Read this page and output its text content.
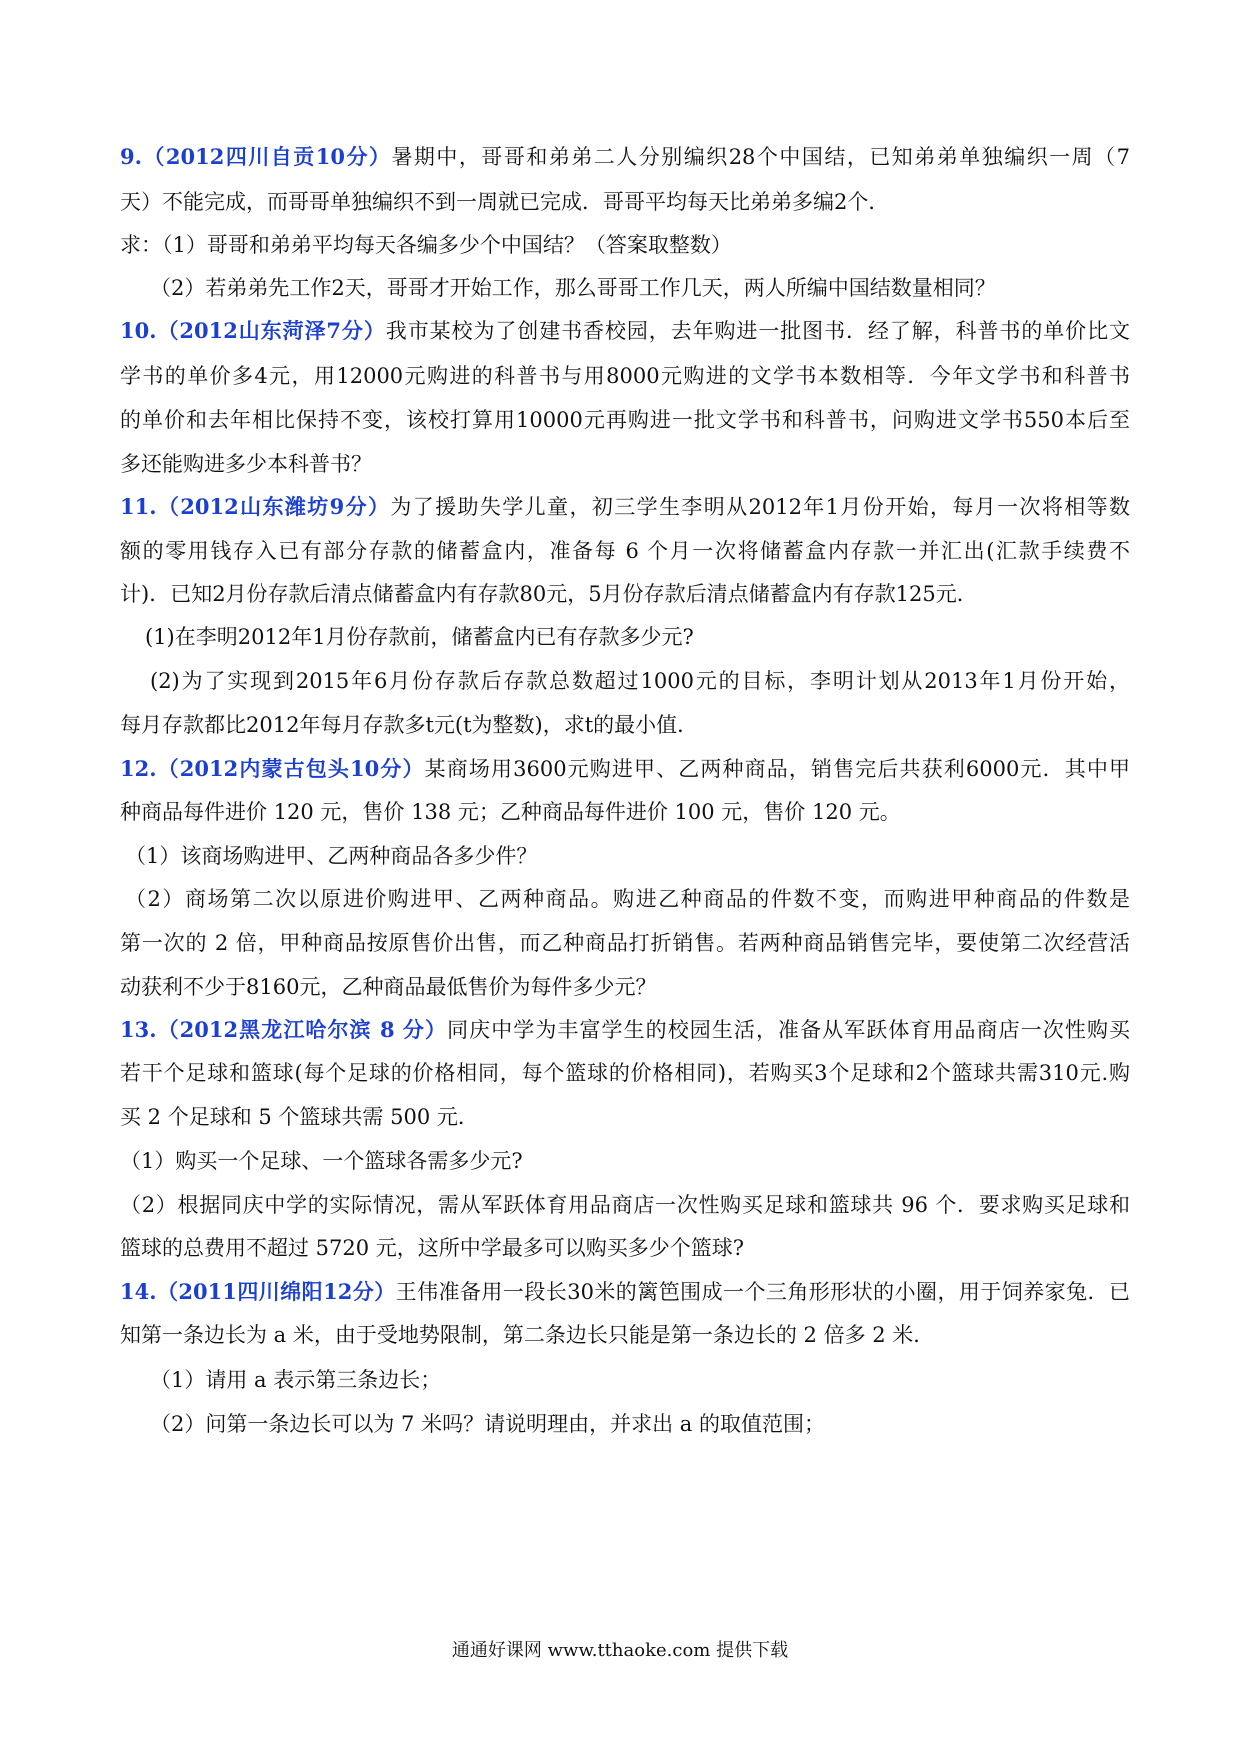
9.（2012四川自贡10分）暑期中，哥哥和弟弟二人分别编织28个中国结，已知弟弟单独编织一周（7
天）不能完成，而哥哥单独编织不到一周就已完成．哥哥平均每天比弟弟多编2个．
求：（1）哥哥和弟弟平均每天各编多少个中国结？（答案取整数）
（2）若弟弟先工作2天，哥哥才开始工作，那么哥哥工作几天，两人所编中国结数量相同？
10.（2012山东菏泽7分）我市某校为了创建书香校园，去年购进一批图书．经了解，科普书的单价比文
学书的单价多4元，用12000元购进的科普书与用8000元购进的文学书本数相等．今年文学书和科普书
的单价和去年相比保持不变，该校打算用10000元再购进一批文学书和科普书，问购进文学书550本后至
多还能购进多少本科普书？
11.（2012山东潍坊9分）为了援助失学儿童，初三学生李明从2012年1月份开始，每月一次将相等数
额的零用钱存入已有部分存款的储蓄盒内，准备每 6 个月一次将储蓄盒内存款一并汇出(汇款手续费不
计)．已知2月份存款后清点储蓄盒内有存款80元，5月份存款后清点储蓄盒内有存款125元．
(1)在李明2012年1月份存款前，储蓄盒内已有存款多少元?
(2)为了实现到2015年6月份存款后存款总数超过1000元的目标，李明计划从2013年1月份开始，
每月存款都比2012年每月存款多t元(t为整数)，求t的最小值．
12.（2012内蒙古包头10分）某商场用3600元购进甲、乙两种商品，销售完后共获利6000元．其中甲
种商品每件进价 120 元，售价 138 元；乙种商品每件进价 100 元，售价 120 元。
（1）该商场购进甲、乙两种商品各多少件？
（2）商场第二次以原进价购进甲、乙两种商品。购进乙种商品的件数不变，而购进甲种商品的件数是
第一次的 2 倍，甲种商品按原售价出售，而乙种商品打折销售。若两种商品销售完毕，要使第二次经营活
动获利不少于8160元，乙种商品最低售价为每件多少元？
13.（2012黑龙江哈尔滨 8 分）同庆中学为丰富学生的校园生活，准备从军跃体育用品商店一次性购买
若干个足球和篮球(每个足球的价格相同，每个篮球的价格相同)，若购买3个足球和2个篮球共需310元.购
买 2 个足球和 5 个篮球共需 500 元．
（1）购买一个足球、一个篮球各需多少元?
（2）根据同庆中学的实际情况，需从军跃体育用品商店一次性购买足球和篮球共 96 个．要求购买足球和
篮球的总费用不超过 5720 元，这所中学最多可以购买多少个篮球?
14.（2011四川绵阳12分）王伟准备用一段长30米的篱笆围成一个三角形形状的小圈，用于饲养家兔．已
知第一条边长为 a 米，由于受地势限制，第二条边长只能是第一条边长的 2 倍多 2 米．
（1）请用 a 表示第三条边长；
（2）问第一条边长可以为 7 米吗？请说明理由，并求出 a 的取值范围；
通通好课网 www.tthaoke.com 提供下载
